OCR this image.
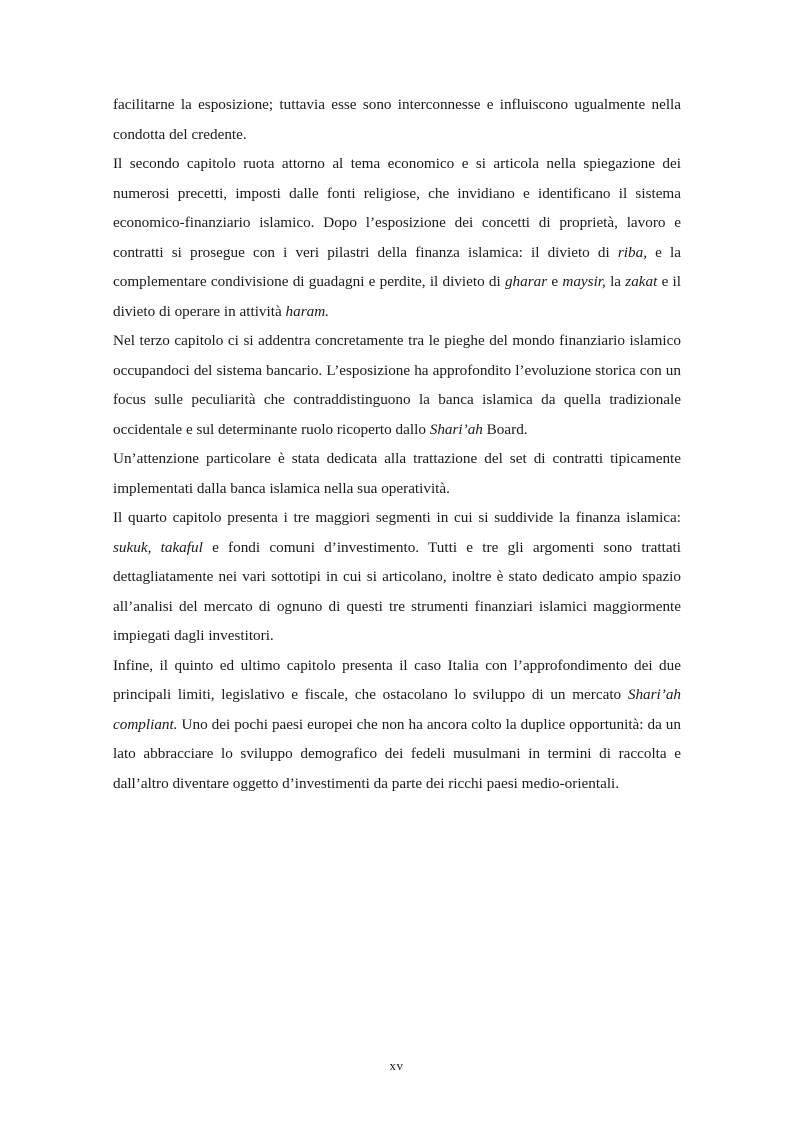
facilitarne la esposizione; tuttavia esse sono interconnesse e influiscono ugualmente nella condotta del credente.

Il secondo capitolo ruota attorno al tema economico e si articola nella spiegazione dei numerosi precetti, imposti dalle fonti religiose, che invidiano e identificano il sistema economico-finanziario islamico. Dopo l’esposizione dei concetti di proprietà, lavoro e contratti si prosegue con i veri pilastri della finanza islamica: il divieto di riba, e la complementare condivisione di guadagni e perdite, il divieto di gharar e maysir, la zakat e il divieto di operare in attività haram.

Nel terzo capitolo ci si addentra concretamente tra le pieghe del mondo finanziario islamico occupandoci del sistema bancario. L’esposizione ha approfondito l’evoluzione storica con un focus sulle peculiarità che contraddistinguono la banca islamica da quella tradizionale occidentale e sul determinante ruolo ricoperto dallo Shari’ah Board.

Un’attenzione particolare è stata dedicata alla trattazione del set di contratti tipicamente implementati dalla banca islamica nella sua operatività.

Il quarto capitolo presenta i tre maggiori segmenti in cui si suddivide la finanza islamica: sukuk, takaful e fondi comuni d’investimento. Tutti e tre gli argomenti sono trattati dettagliatamente nei vari sottotipi in cui si articolano, inoltre è stato dedicato ampio spazio all’analisi del mercato di ognuno di questi tre strumenti finanziari islamici maggiormente impiegati dagli investitori.

Infine, il quinto ed ultimo capitolo presenta il caso Italia con l’approfondimento dei due principali limiti, legislativo e fiscale, che ostacolano lo sviluppo di un mercato Shari’ah compliant. Uno dei pochi paesi europei che non ha ancora colto la duplice opportunità: da un lato abbracciare lo sviluppo demografico dei fedeli musulmani in termini di raccolta e dall’altro diventare oggetto d’investimenti da parte dei ricchi paesi medio-orientali.

xv
